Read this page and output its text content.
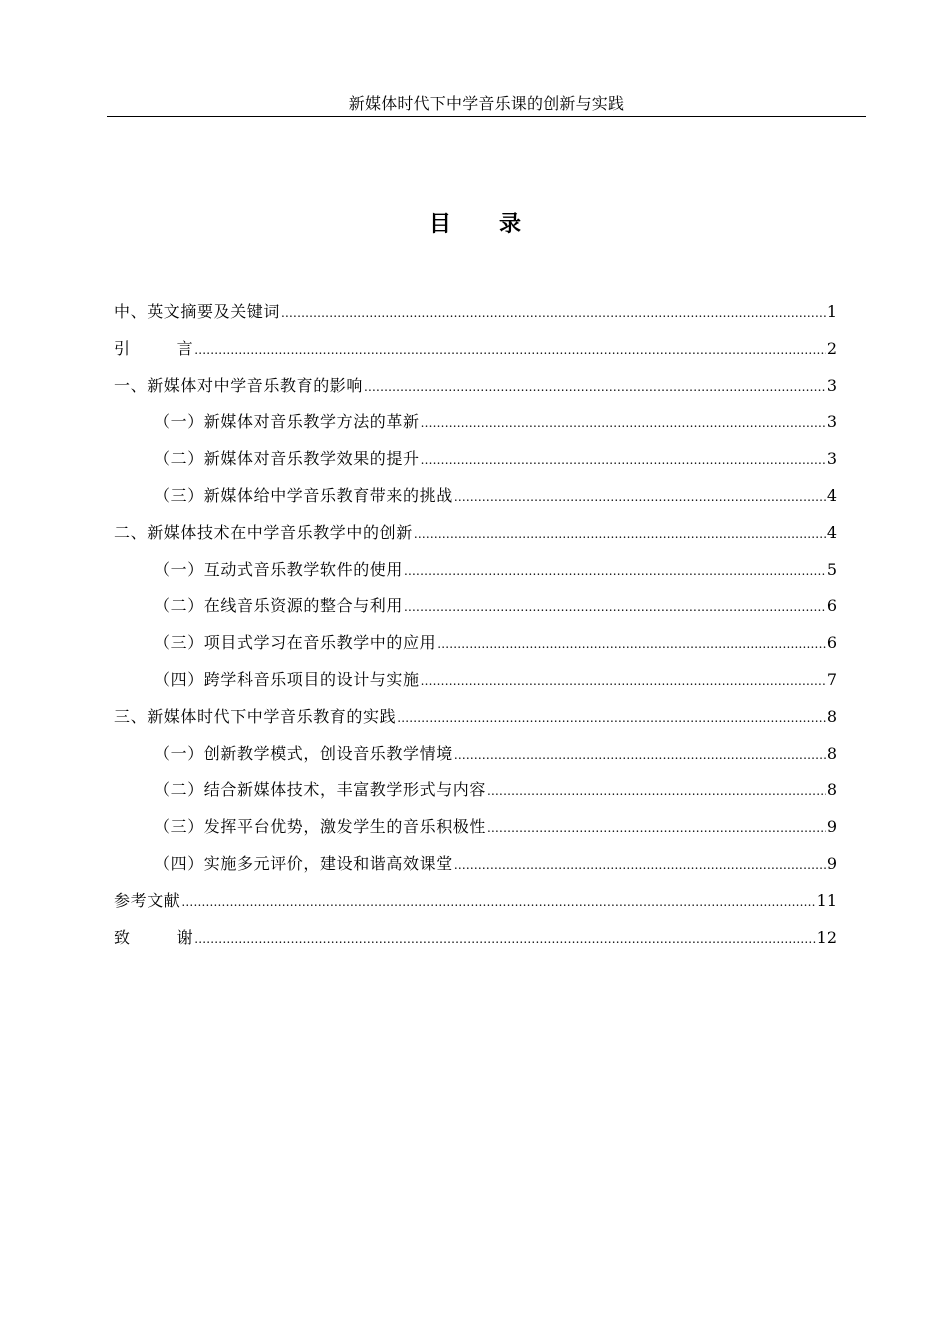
新媒体时代下中学音乐课的创新与实践
目 录
中、英文摘要及关键词 .....	1
引	言 .....	2
一、新媒体对中学音乐教育的影响 .....	3
（一）新媒体对音乐教学方法的革新 .....	3
（二）新媒体对音乐教学效果的提升 .....	3
（三）新媒体给中学音乐教育带来的挑战 .....	4
二、新媒体技术在中学音乐教学中的创新 .....	4
（一）互动式音乐教学软件的使用 .....	5
（二）在线音乐资源的整合与利用 .....	6
（三）项目式学习在音乐教学中的应用 .....	6
（四）跨学科音乐项目的设计与实施 .....	7
三、新媒体时代下中学音乐教育的实践 .....	8
（一）创新教学模式，创设音乐教学情境 .....	8
（二）结合新媒体技术，丰富教学形式与内容 .....	8
（三）发挥平台优势，激发学生的音乐积极性 .....	9
（四）实施多元评价，建设和谐高效课堂 .....	9
参考文献 .....	11
致	谢 .....	12
